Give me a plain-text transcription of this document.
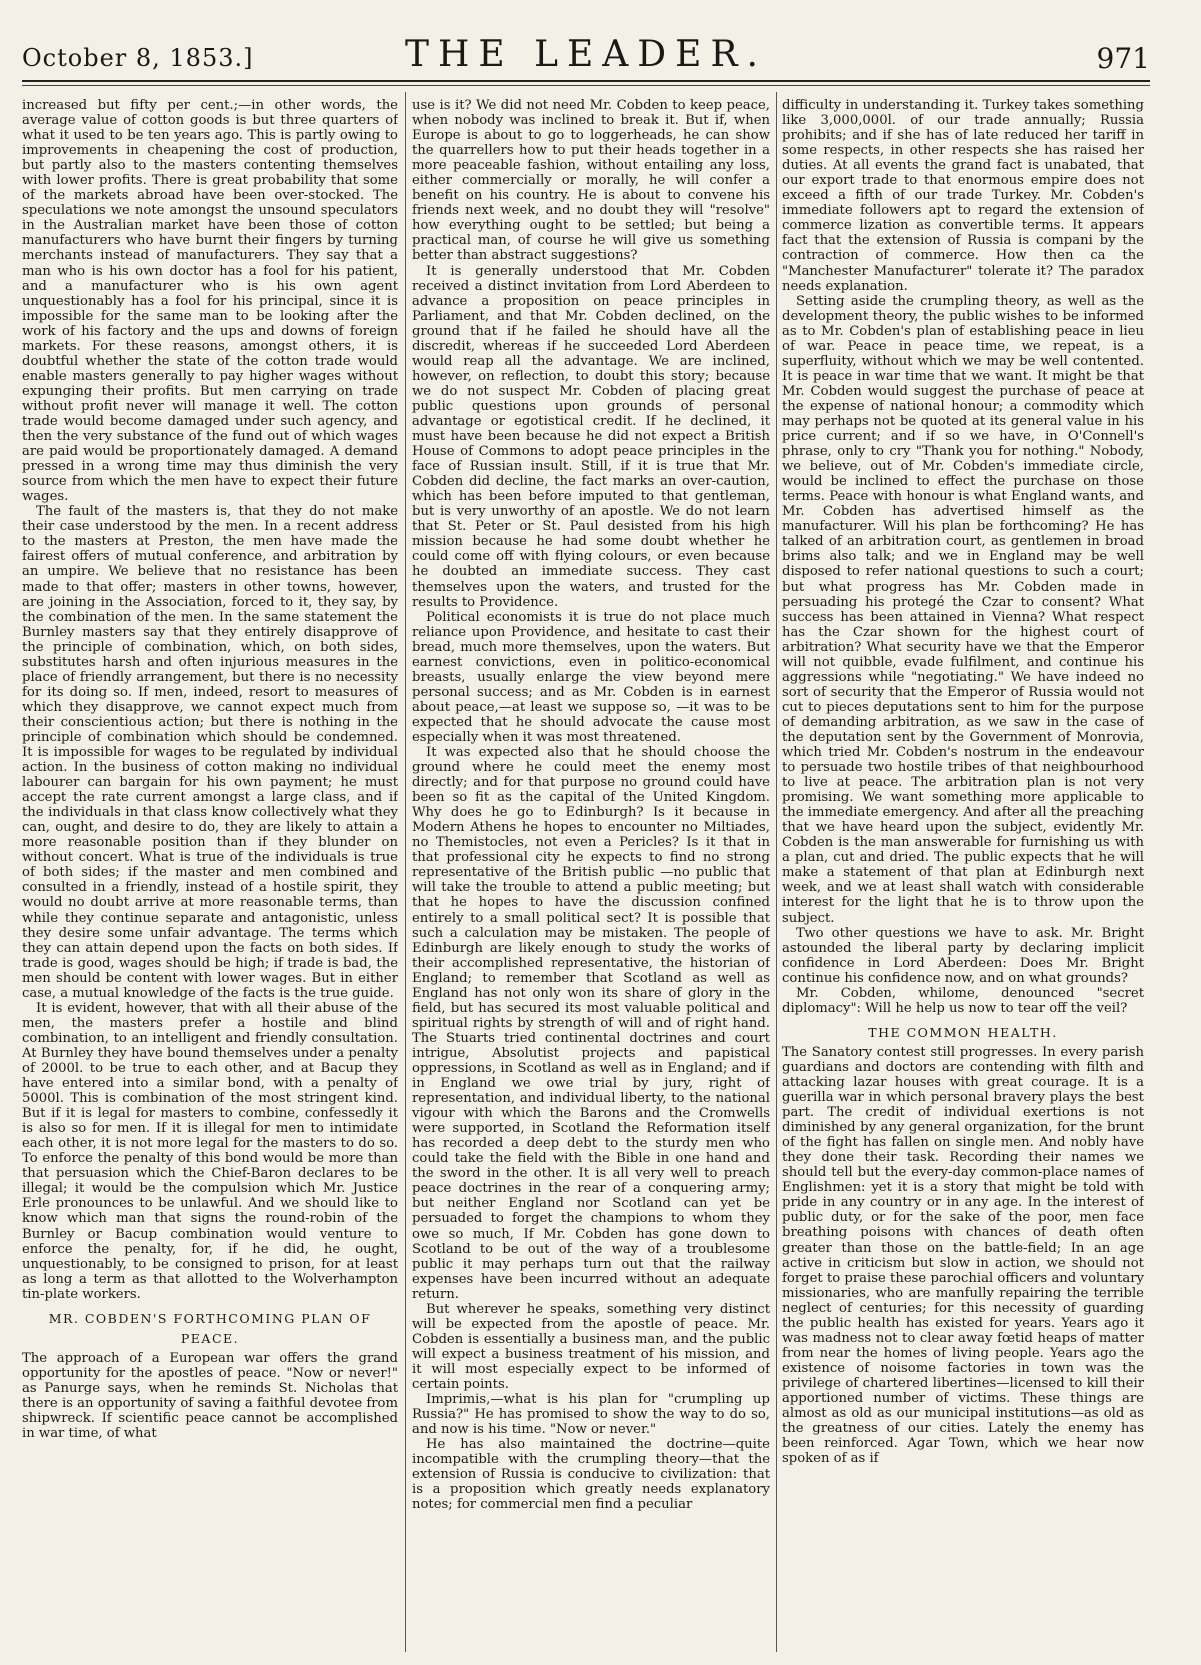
October 8, 1853.]	THE LEADER.	971

increased but fifty per cent.;—in other words, the average value of cotton goods is but three quarters of what it used to be ten years ago. This is partly owing to improvements in cheapening the cost of production, but partly also to the masters contenting themselves with lower profits. There is great probability that some of the markets abroad have been over-stocked. The speculations we note amongst the unsound speculators in the Australian market have been those of cotton manufacturers who have burnt their fingers by turning merchants instead of manufacturers. They say that a man who is his own doctor has a fool for his patient, and a manufacturer who is his own agent unquestionably has a fool for his principal, since it is impossible for the same man to be looking after the work of his factory and the ups and downs of foreign markets. For these reasons, amongst others, it is doubtful whether the state of the cotton trade would enable masters generally to pay higher wages without expunging their profits. But men carrying on trade without profit never will manage it well. The cotton trade would become damaged under such agency, and then the very substance of the fund out of which wages are paid would be proportionately damaged. A demand pressed in a wrong time may thus diminish the very source from which the men have to expect their future wages.

The fault of the masters is, that they do not make their case understood by the men. In a recent address to the masters at Preston, the men have made the fairest offers of mutual conference, and arbitration by an umpire. We believe that no resistance has been made to that offer; masters in other towns, however, are joining in the Association, forced to it, they say, by the combination of the men. In the same statement the Burnley masters say that they entirely disapprove of the principle of combination, which, on both sides, substitutes harsh and often injurious measures in the place of friendly arrangement, but there is no necessity for its doing so. If men, indeed, resort to measures of which they disapprove, we cannot expect much from their conscientious action; but there is nothing in the principle of combination which should be condemned. It is impossible for wages to be regulated by individual action. In the business of cotton making no individual labourer can bargain for his own payment; he must accept the rate current amongst a large class, and if the individuals in that class know collectively what they can, ought, and desire to do, they are likely to attain a more reasonable position than if they blunder on without concert. What is true of the individuals is true of both sides; if the master and men combined and consulted in a friendly, instead of a hostile spirit, they would no doubt arrive at more reasonable terms, than while they continue separate and antagonistic, unless they desire some unfair advantage. The terms which they can attain depend upon the facts on both sides. If trade is good, wages should be high; if trade is bad, the men should be content with lower wages. But in either case, a mutual knowledge of the facts is the true guide.

It is evident, however, that with all their abuse of the men, the masters prefer a hostile and blind combination, to an intelligent and friendly consultation. At Burnley they have bound themselves under a penalty of 2000l. to be true to each other, and at Bacup they have entered into a similar bond, with a penalty of 5000l. This is combination of the most stringent kind. But if it is legal for masters to combine, confessedly it is also so for men. If it is illegal for men to intimidate each other, it is not more legal for the masters to do so. To enforce the penalty of this bond would be more than that persuasion which the Chief-Baron declares to be illegal; it would be the compulsion which Mr. Justice Erle pronounces to be unlawful. And we should like to know which man that signs the round-robin of the Burnley or Bacup combination would venture to enforce the penalty, for, if he did, he ought, unquestionably, to be consigned to prison, for at least as long a term as that allotted to the Wolverhampton tin-plate workers.

MR. COBDEN'S FORTHCOMING PLAN OF
PEACE.

The approach of a European war offers the grand opportunity for the apostles of peace. "Now or never!" as Panurge says, when he reminds St. Nicholas that there is an opportunity of saving a faithful devotee from shipwreck. If scientific peace cannot be accomplished in war time, of what

use is it? We did not need Mr. Cobden to keep peace, when nobody was inclined to break it. But if, when Europe is about to go to loggerheads, he can show the quarrellers how to put their heads together in a more peaceable fashion, without entailing any loss, either commercially or morally, he will confer a benefit on his country. He is about to convene his friends next week, and no doubt they will "resolve" how everything ought to be settled; but being a practical man, of course he will give us something better than abstract suggestions?

It is generally understood that Mr. Cobden received a distinct invitation from Lord Aberdeen to advance a proposition on peace principles in Parliament, and that Mr. Cobden declined, on the ground that if he failed he should have all the discredit, whereas if he succeeded Lord Aberdeen would reap all the advantage. We are inclined, however, on reflection, to doubt this story; because we do not suspect Mr. Cobden of placing great public questions upon grounds of personal advantage or egotistical credit. If he declined, it must have been because he did not expect a British House of Commons to adopt peace principles in the face of Russian insult. Still, if it is true that Mr. Cobden did decline, the fact marks an over-caution, which has been before imputed to that gentleman, but is very unworthy of an apostle. We do not learn that St. Peter or St. Paul desisted from his high mission because he had some doubt whether he could come off with flying colours, or even because he doubted an immediate success. They cast themselves upon the waters, and trusted for the results to Providence.

Political economists it is true do not place much reliance upon Providence, and hesitate to cast their bread, much more themselves, upon the waters. But earnest convictions, even in politico-economical breasts, usually enlarge the view beyond mere personal success; and as Mr. Cobden is in earnest about peace,—at least we suppose so, —it was to be expected that he should advocate the cause most especially when it was most threatened.

It was expected also that he should choose the ground where he could meet the enemy most directly; and for that purpose no ground could have been so fit as the capital of the United Kingdom. Why does he go to Edinburgh? Is it because in Modern Athens he hopes to encounter no Miltiades, no Themistocles, not even a Pericles? Is it that in that professional city he expects to find no strong representative of the British public —no public that will take the trouble to attend a public meeting; but that he hopes to have the discussion confined entirely to a small political sect? It is possible that such a calculation may be mistaken. The people of Edinburgh are likely enough to study the works of their accomplished representative, the historian of England; to remember that Scotland as well as England has not only won its share of glory in the field, but has secured its most valuable political and spiritual rights by strength of will and of right hand. The Stuarts tried continental doctrines and court intrigue, Absolutist projects and papistical oppressions, in Scotland as well as in England; and if in England we owe trial by jury, right of representation, and individual liberty, to the national vigour with which the Barons and the Cromwells were supported, in Scotland the Reformation itself has recorded a deep debt to the sturdy men who could take the field with the Bible in one hand and the sword in the other. It is all very well to preach peace doctrines in the rear of a conquering army; but neither England nor Scotland can yet be persuaded to forget the champions to whom they owe so much, If Mr. Cobden has gone down to Scotland to be out of the way of a troublesome public it may perhaps turn out that the railway expenses have been incurred without an adequate return.

But wherever he speaks, something very distinct will be expected from the apostle of peace. Mr. Cobden is essentially a business man, and the public will expect a business treatment of his mission, and it will most especially expect to be informed of certain points.

Imprimis,—what is his plan for "crumpling up Russia?" He has promised to show the way to do so, and now is his time. "Now or never."

He has also maintained the doctrine—quite incompatible with the crumpling theory—that the extension of Russia is conducive to civilization: that is a proposition which greatly needs explanatory notes; for commercial men find a peculiar

difficulty in understanding it. Turkey takes something like 3,000,000l. of our trade annually; Russia prohibits; and if she has of late reduced her tariff in some respects, in other respects she has raised her duties. At all events the grand fact is unabated, that our export trade to that enormous empire does not exceed a fifth of our trade Turkey. Mr. Cobden's immediate followers apt to regard the extension of commerce lization as convertible terms. It appears fact that the extension of Russia is compani by the contraction of commerce. How then ca the "Manchester Manufacturer" tolerate it? The paradox needs explanation.

Setting aside the crumpling theory, as well as the development theory, the public wishes to be informed as to Mr. Cobden's plan of establishing peace in lieu of war. Peace in peace time, we repeat, is a superfluity, without which we may be well contented. It is peace in war time that we want. It might be that Mr. Cobden would suggest the purchase of peace at the expense of national honour; a commodity which may perhaps not be quoted at its general value in his price current; and if so we have, in O'Connell's phrase, only to cry "Thank you for nothing." Nobody, we believe, out of Mr. Cobden's immediate circle, would be inclined to effect the purchase on those terms. Peace with honour is what England wants, and Mr. Cobden has advertised himself as the manufacturer. Will his plan be forthcoming? He has talked of an arbitration court, as gentlemen in broad brims also talk; and we in England may be well disposed to refer national questions to such a court; but what progress has Mr. Cobden made in persuading his protegé the Czar to consent? What success has been attained in Vienna? What respect has the Czar shown for the highest court of arbitration? What security have we that the Emperor will not quibble, evade fulfilment, and continue his aggressions while "negotiating." We have indeed no sort of security that the Emperor of Russia would not cut to pieces deputations sent to him for the purpose of demanding arbitration, as we saw in the case of the deputation sent by the Government of Monrovia, which tried Mr. Cobden's nostrum in the endeavour to persuade two hostile tribes of that neighbourhood to live at peace. The arbitration plan is not very promising. We want something more applicable to the immediate emergency. And after all the preaching that we have heard upon the subject, evidently Mr. Cobden is the man answerable for furnishing us with a plan, cut and dried. The public expects that he will make a statement of that plan at Edinburgh next week, and we at least shall watch with considerable interest for the light that he is to throw upon the subject.

Two other questions we have to ask. Mr. Bright astounded the liberal party by declaring implicit confidence in Lord Aberdeen: Does Mr. Bright continue his confidence now, and on what grounds?

Mr. Cobden, whilome, denounced "secret diplomacy": Will he help us now to tear off the veil?

THE COMMON HEALTH.

The Sanatory contest still progresses. In every parish guardians and doctors are contending with filth and attacking lazar houses with great courage. It is a guerilla war in which personal bravery plays the best part. The credit of individual exertions is not diminished by any general organization, for the brunt of the fight has fallen on single men. And nobly have they done their task. Recording their names we should tell but the every-day common-place names of Englishmen: yet it is a story that might be told with pride in any country or in any age. In the interest of public duty, or for the sake of the poor, men face breathing poisons with chances of death often greater than those on the battle-field; In an age active in criticism but slow in action, we should not forget to praise these parochial officers and voluntary missionaries, who are manfully repairing the terrible neglect of centuries; for this necessity of guarding the public health has existed for years. Years ago it was madness not to clear away fœtid heaps of matter from near the homes of living people. Years ago the existence of noisome factories in town was the privilege of chartered libertines—licensed to kill their apportioned number of victims. These things are almost as old as our municipal institutions—as old as the greatness of our cities. Lately the enemy has been reinforced. Agar Town, which we hear now spoken of as if
